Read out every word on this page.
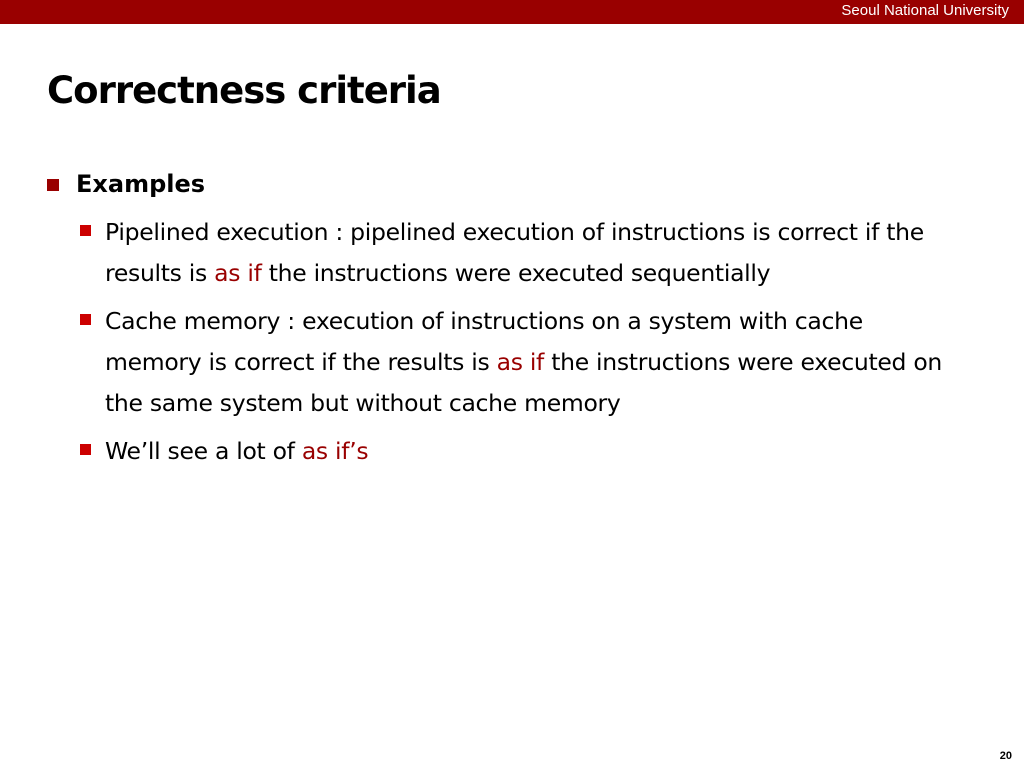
Seoul National University
Correctness criteria

Examples

Pipelined execution : pipelined execution of instructions is correct if the results is as if the instructions were executed sequentially
Cache memory : execution of instructions on a system with cache memory is correct if the results is as if the instructions were executed on the same system but without cache memory
We’ll see a lot of as if’s
20
